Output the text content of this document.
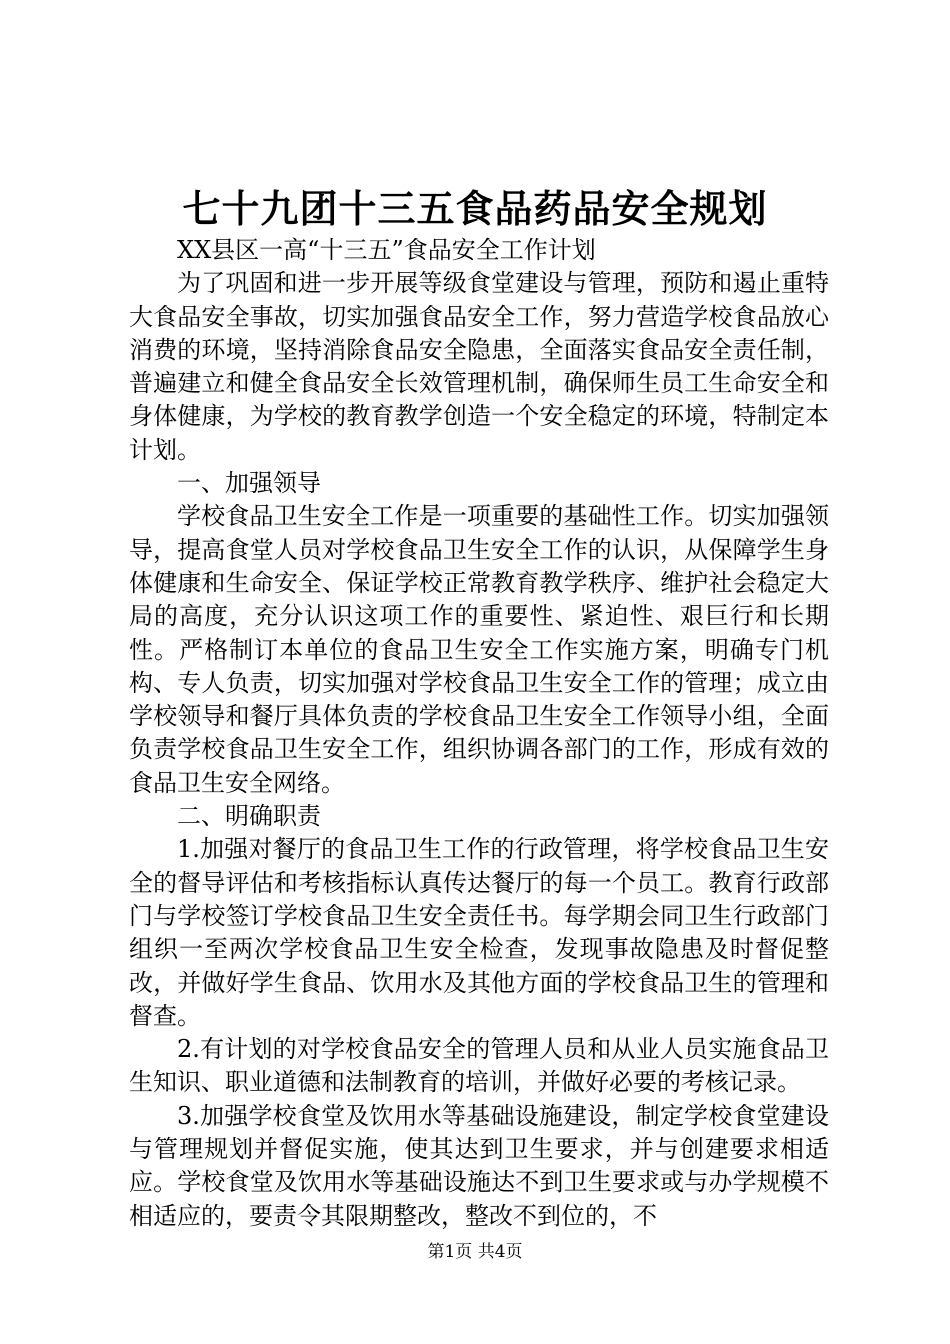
七十九团十三五食品药品安全规划

XX县区一高“十三五”食品安全工作计划

为了巩固和进一步开展等级食堂建设与管理，预防和遏止重特大食品安全事故，切实加强食品安全工作，努力营造学校食品放心消费的环境，坚持消除食品安全隐患，全面落实食品安全责任制，普遍建立和健全食品安全长效管理机制，确保师生员工生命安全和身体健康，为学校的教育教学创造一个安全稳定的环境，特制定本计划。

一、加强领导

学校食品卫生安全工作是一项重要的基础性工作。切实加强领导，提高食堂人员对学校食品卫生安全工作的认识，从保障学生身体健康和生命安全、保证学校正常教育教学秩序、维护社会稳定大局的高度，充分认识这项工作的重要性、紧迫性、艰巨行和长期性。严格制订本单位的食品卫生安全工作实施方案，明确专门机构、专人负责，切实加强对学校食品卫生安全工作的管理；成立由学校领导和餐厅具体负责的学校食品卫生安全工作领导小组，全面负责学校食品卫生安全工作，组织协调各部门的工作，形成有效的食品卫生安全网络。

二、明确职责

1.加强对餐厅的食品卫生工作的行政管理，将学校食品卫生安全的督导评估和考核指标认真传达餐厅的每一个员工。教育行政部门与学校签订学校食品卫生安全责任书。每学期会同卫生行政部门组织一至两次学校食品卫生安全检查，发现事故隐患及时督促整改，并做好学生食品、饮用水及其他方面的学校食品卫生的管理和督查。

2.有计划的对学校食品安全的管理人员和从业人员实施食品卫生知识、职业道德和法制教育的培训，并做好必要的考核记录。

3.加强学校食堂及饮用水等基础设施建设，制定学校食堂建设与管理规划并督促实施，使其达到卫生要求，并与创建要求相适应。学校食堂及饮用水等基础设施达不到卫生要求或与办学规模不相适应的，要责令其限期整改，整改不到位的，不

第1页 共4页
